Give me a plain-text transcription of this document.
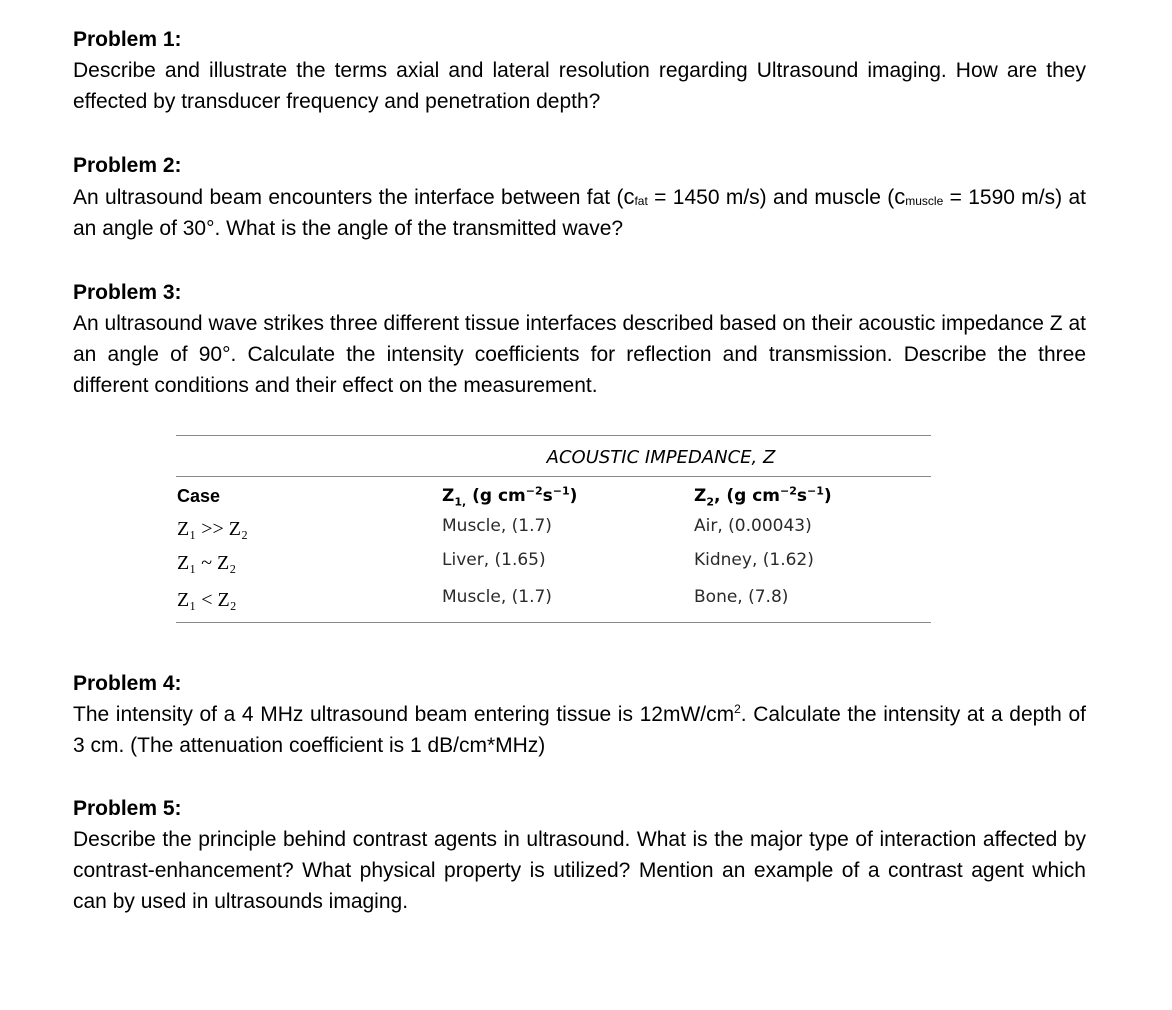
Problem 1:

Describe and illustrate the terms axial and lateral resolution regarding Ultrasound imaging. How are they effected by transducer frequency and penetration depth?

Problem 2:

An ultrasound beam encounters the interface between fat ($c_{fat} = 1450$ m/s) and muscle ($c_{muscle} = 1590$ m/s) at an angle of 30°. What is the angle of the transmitted wave?

Problem 3:

An ultrasound wave strikes three different tissue interfaces described based on their acoustic impedance Z at an angle of 90°. Calculate the intensity coefficients for reflection and transmission. Describe the three different conditions and their effect on the measurement.

ACOUSTIC IMPEDANCE, Z
Case	$Z_{1,}$ (g $cm^{-2}s^{-1}$)	$Z_2$, (g $cm^{-2}s^{-1}$)
Z₁ >> Z₂	Muscle, (1.7)	Air, (0.00043)
Z₁ ~ Z₂	Liver, (1.65)	Kidney, (1.62)
Z₁ < Z₂	Muscle, (1.7)	Bone, (7.8)

Problem 4:

The intensity of a 4 MHz ultrasound beam entering tissue is $12mW/cm^2$. Calculate the intensity at a depth of 3 cm. (The attenuation coefficient is 1 dB/cm*MHz)

Problem 5:

Describe the principle behind contrast agents in ultrasound. What is the major type of interaction affected by contrast-enhancement? What physical property is utilized? Mention an example of a contrast agent which can by used in ultrasounds imaging.
